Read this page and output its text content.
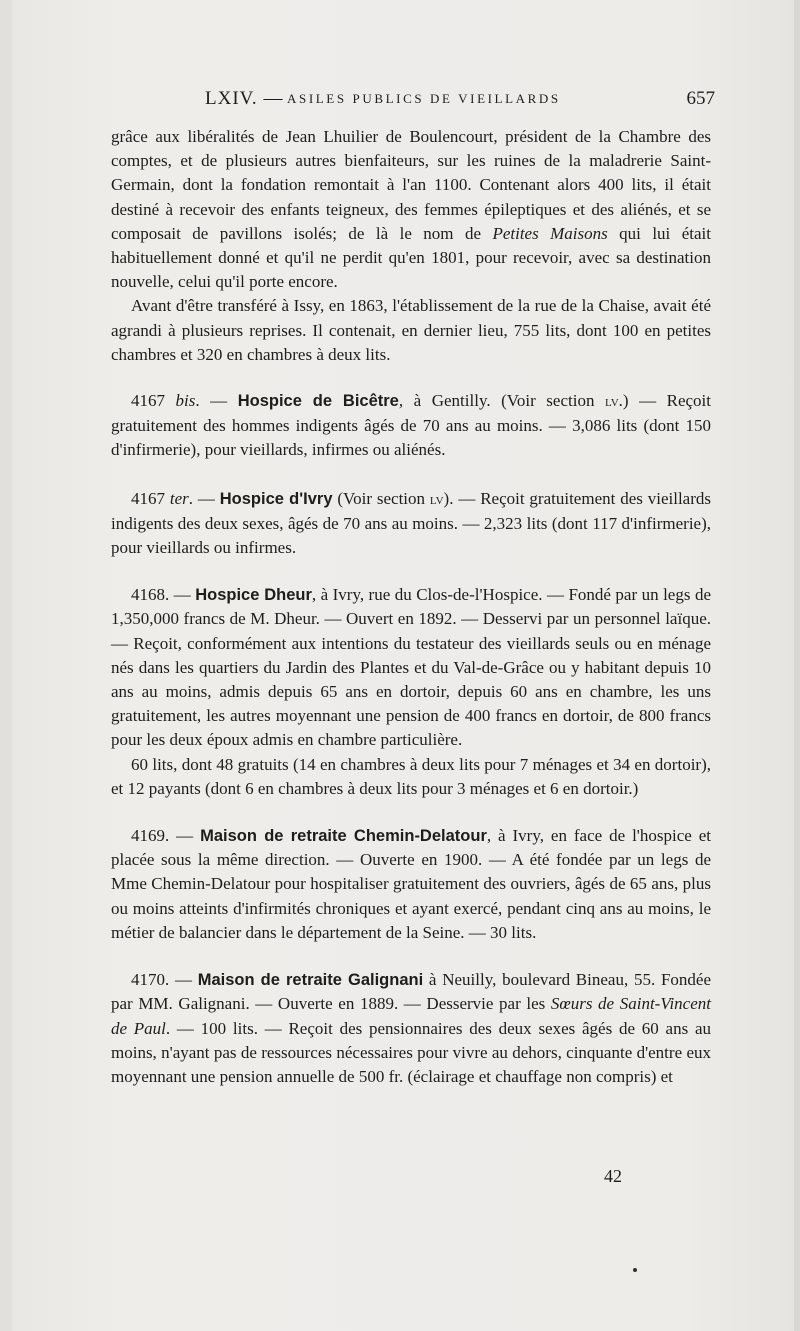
LXIV. — ASILES PUBLICS DE VIEILLARDS	657

grâce aux libéralités de Jean Lhuilier de Boulencourt, président de la Chambre des comptes, et de plusieurs autres bienfaiteurs, sur les ruines de la maladrerie Saint-Germain, dont la fondation remontait à l'an 1100. Contenant alors 400 lits, il était destiné à recevoir des enfants teigneux, des femmes épileptiques et des aliénés, et se composait de pavillons isolés; de là le nom de Petites Maisons qui lui était habituellement donné et qu'il ne perdit qu'en 1801, pour recevoir, avec sa destination nouvelle, celui qu'il porte encore.

Avant d'être transféré à Issy, en 1863, l'établissement de la rue de la Chaise, avait été agrandi à plusieurs reprises. Il contenait, en dernier lieu, 755 lits, dont 100 en petites chambres et 320 en chambres à deux lits.

4167 bis. — Hospice de Bicêtre, à Gentilly. (Voir section lv.) — Reçoit gratuitement des hommes indigents âgés de 70 ans au moins. — 3,086 lits (dont 150 d'infirmerie), pour vieillards, infirmes ou aliénés.

4167 ter. — Hospice d'Ivry (Voir section lv). — Reçoit gratuitement des vieillards indigents des deux sexes, âgés de 70 ans au moins. — 2,323 lits (dont 117 d'infirmerie), pour vieillards ou infirmes.

4168. — Hospice Dheur, à Ivry, rue du Clos-de-l'Hospice. — Fondé par un legs de 1,350,000 francs de M. Dheur. — Ouvert en 1892. — Desservi par un personnel laïque. — Reçoit, conformément aux intentions du testateur des vieillards seuls ou en ménage nés dans les quartiers du Jardin des Plantes et du Val-de-Grâce ou y habitant depuis 10 ans au moins, admis depuis 65 ans en dortoir, depuis 60 ans en chambre, les uns gratuitement, les autres moyennant une pension de 400 francs en dortoir, de 800 francs pour les deux époux admis en chambre particulière.

60 lits, dont 48 gratuits (14 en chambres à deux lits pour 7 ménages et 34 en dortoir), et 12 payants (dont 6 en chambres à deux lits pour 3 ménages et 6 en dortoir.)

4169. — Maison de retraite Chemin-Delatour, à Ivry, en face de l'hospice et placée sous la même direction. — Ouverte en 1900. — A été fondée par un legs de Mme Chemin-Delatour pour hospitaliser gratuitement des ouvriers, âgés de 65 ans, plus ou moins atteints d'infirmités chroniques et ayant exercé, pendant cinq ans au moins, le métier de balancier dans le département de la Seine. — 30 lits.

4170. — Maison de retraite Galignani à Neuilly, boulevard Bineau, 55. Fondée par MM. Galignani. — Ouverte en 1889. — Desservie par les Sœurs de Saint-Vincent de Paul. — 100 lits. — Reçoit des pensionnaires des deux sexes âgés de 60 ans au moins, n'ayant pas de ressources nécessaires pour vivre au dehors, cinquante d'entre eux moyennant une pension annuelle de 500 fr. (éclairage et chauffage non compris) et

42
